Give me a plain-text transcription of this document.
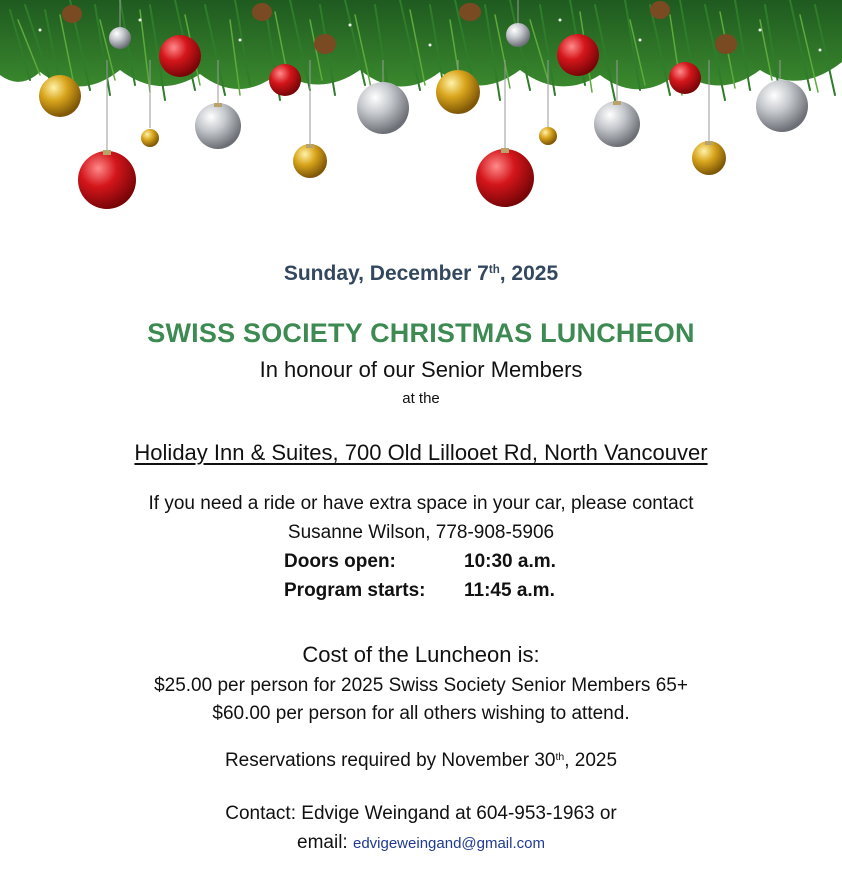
Sunday, December 7th, 2025
SWISS SOCIETY CHRISTMAS LUNCHEON
In honour of our Senior Members
at the
Holiday Inn & Suites, 700 Old Lillooet Rd, North Vancouver
If you need a ride or have extra space in your car, please contact
Susanne Wilson, 778-908-5906
Doors open:	10:30 a.m.
Program starts: 11:45 a.m.
Cost of the Luncheon is:
$25.00 per person for 2025 Swiss Society Senior Members 65+
$60.00 per person for all others wishing to attend.
Reservations required by November 30th, 2025
Contact: Edvige Weingand at 604-953-1963 or
email: edvigeweingand@gmail.com
